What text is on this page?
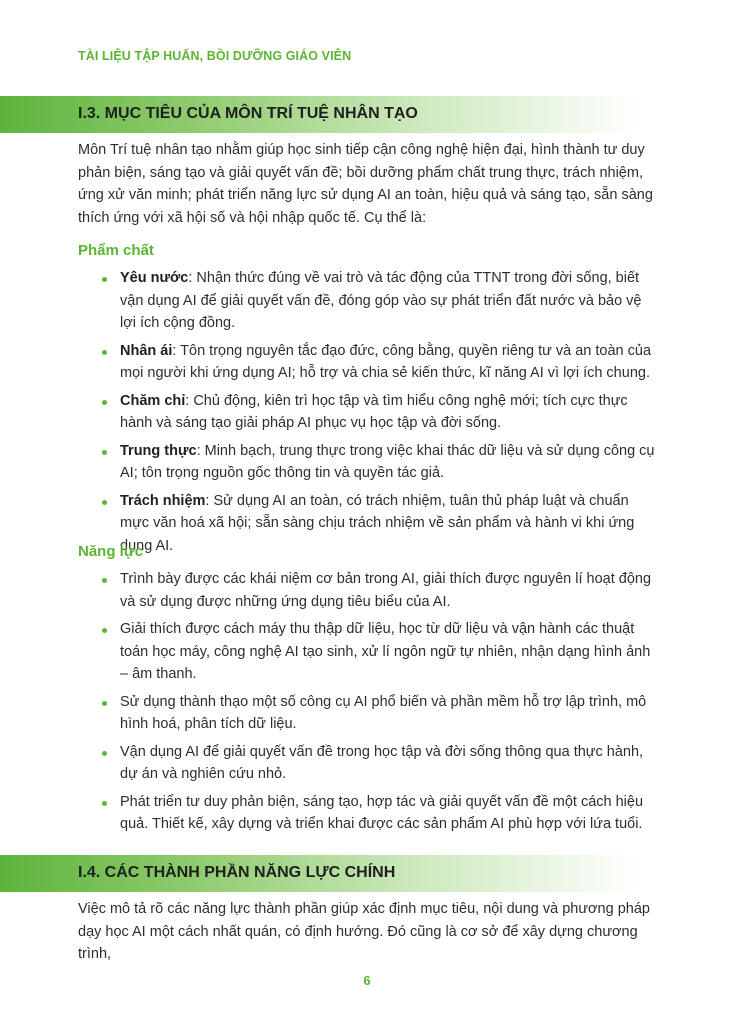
TÀI LIỆU TẬP HUẤN, BỒI DƯỠNG GIÁO VIÊN
I.3. MỤC TIÊU CỦA MÔN TRÍ TUỆ NHÂN TẠO

Môn Trí tuệ nhân tạo nhằm giúp học sinh tiếp cận công nghệ hiện đại, hình thành tư duy phản biện, sáng tạo và giải quyết vấn đề; bồi dưỡng phẩm chất trung thực, trách nhiệm, ứng xử văn minh; phát triển năng lực sử dụng AI an toàn, hiệu quả và sáng tạo, sẵn sàng thích ứng với xã hội số và hội nhập quốc tế. Cụ thể là:

Phẩm chất
Yêu nước: Nhận thức đúng về vai trò và tác động của TTNT trong đời sống, biết vận dụng AI để giải quyết vấn đề, đóng góp vào sự phát triển đất nước và bảo vệ lợi ích cộng đồng.
Nhân ái: Tôn trọng nguyên tắc đạo đức, công bằng, quyền riêng tư và an toàn của mọi người khi ứng dụng AI; hỗ trợ và chia sẻ kiến thức, kĩ năng AI vì lợi ích chung.
Chăm chỉ: Chủ động, kiên trì học tập và tìm hiểu công nghệ mới; tích cực thực hành và sáng tạo giải pháp AI phục vụ học tập và đời sống.
Trung thực: Minh bạch, trung thực trong việc khai thác dữ liệu và sử dụng công cụ AI; tôn trọng nguồn gốc thông tin và quyền tác giả.
Trách nhiệm: Sử dụng AI an toàn, có trách nhiệm, tuân thủ pháp luật và chuẩn mực văn hoá xã hội; sẵn sàng chịu trách nhiệm về sản phẩm và hành vi khi ứng dụng AI.
Năng lực
Trình bày được các khái niệm cơ bản trong AI, giải thích được nguyên lí hoạt động và sử dụng được những ứng dụng tiêu biểu của AI.
Giải thích được cách máy thu thập dữ liệu, học từ dữ liệu và vận hành các thuật toán học máy, công nghệ AI tạo sinh, xử lí ngôn ngữ tự nhiên, nhận dạng hình ảnh – âm thanh.
Sử dụng thành thạo một số công cụ AI phổ biến và phần mềm hỗ trợ lập trình, mô hình hoá, phân tích dữ liệu.
Vận dụng AI để giải quyết vấn đề trong học tập và đời sống thông qua thực hành, dự án và nghiên cứu nhỏ.
Phát triển tư duy phản biện, sáng tạo, hợp tác và giải quyết vấn đề một cách hiệu quả. Thiết kế, xây dựng và triển khai được các sản phẩm AI phù hợp với lứa tuổi.
I.4. CÁC THÀNH PHẦN NĂNG LỰC CHÍNH

Việc mô tả rõ các năng lực thành phần giúp xác định mục tiêu, nội dung và phương pháp dạy học AI một cách nhất quán, có định hướng. Đó cũng là cơ sở để xây dựng chương trình,

6
